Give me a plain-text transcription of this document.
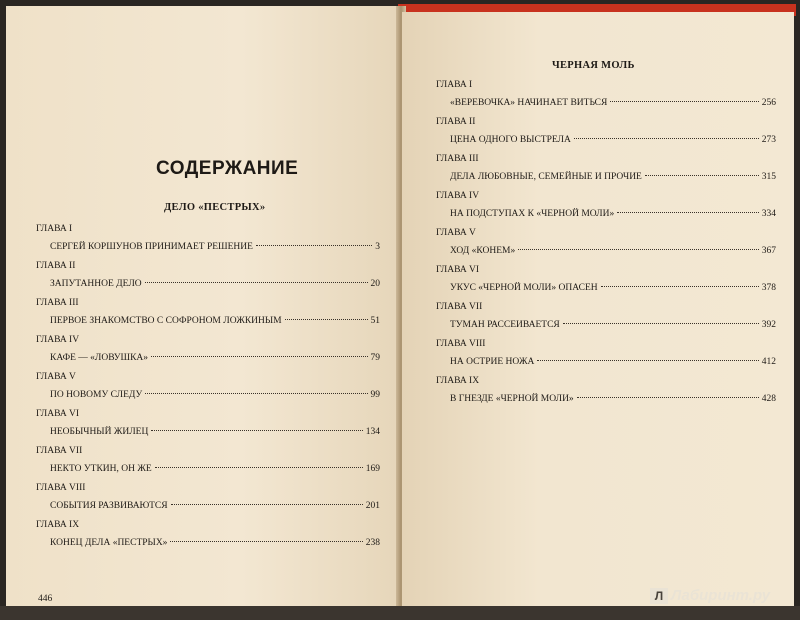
СОДЕРЖАНИЕ
ДЕЛО «ПЕСТРЫХ»
ГЛАВА I
СЕРГЕЙ КОРШУНОВ ПРИНИМАЕТ РЕШЕНИЕ	3
ГЛАВА II
ЗАПУТАННОЕ ДЕЛО	20
ГЛАВА III
ПЕРВОЕ ЗНАКОМСТВО С СОФРОНОМ ЛОЖКИНЫМ	51
ГЛАВА IV
КАФЕ — «ЛОВУШКА»	79
ГЛАВА V
ПО НОВОМУ СЛЕДУ	99
ГЛАВА VI
НЕОБЫЧНЫЙ ЖИЛЕЦ	134
ГЛАВА VII
НЕКТО УТКИН, ОН ЖЕ	169
ГЛАВА VIII
СОБЫТИЯ РАЗВИВАЮТСЯ	201
ГЛАВА IX
КОНЕЦ ДЕЛА «ПЕСТРЫХ»	238
446
ЧЕРНАЯ МОЛЬ
ГЛАВА I
«ВЕРЕВОЧКА» НАЧИНАЕТ ВИТЬСЯ	256
ГЛАВА II
ЦЕНА ОДНОГО ВЫСТРЕЛА	273
ГЛАВА III
ДЕЛА ЛЮБОВНЫЕ, СЕМЕЙНЫЕ И ПРОЧИЕ	315
ГЛАВА IV
НА ПОДСТУПАХ К «ЧЕРНОЙ МОЛИ»	334
ГЛАВА V
ХОД «КОНЕМ»	367
ГЛАВА VI
УКУС «ЧЕРНОЙ МОЛИ» ОПАСЕН	378
ГЛАВА VII
ТУМАН РАССЕИВАЕТСЯ	392
ГЛАВА VIII
НА ОСТРИЕ НОЖА	412
ГЛАВА IX
В ГНЕЗДЕ «ЧЕРНОЙ МОЛИ»	428
Л Лабиринт.ру
